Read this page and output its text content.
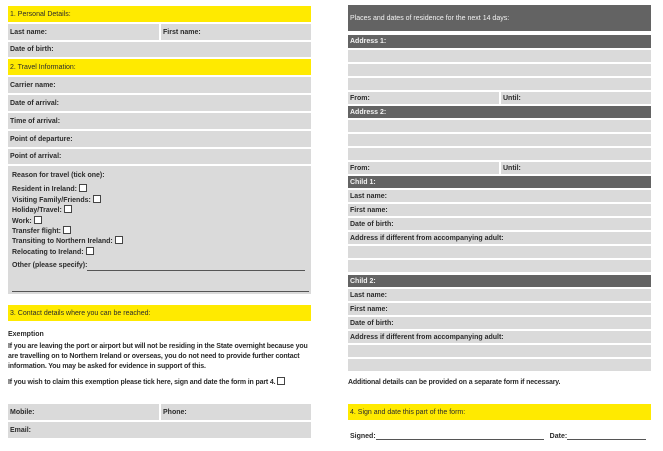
1. Personal Details:
Last name:	First name:
Date of birth:
2. Travel Information:
Carrier name:
Date of arrival:
Time of arrival:
Point of departure:
Point of arrival:
Reason for travel (tick one):
Resident in Ireland:
Visiting Family/Friends:
Holiday/Travel:
Work:
Transfer flight:
Transiting to Northern Ireland:
Relocating to Ireland:
Other (please specify):
3. Contact details where you can be reached:
Exemption
If you are leaving the port or airport but will not be residing in the State overnight because you are travelling on to Northern Ireland or overseas, you do not need to provide further contact information. You may be asked for evidence in support of this.
If you wish to claim this exemption please tick here, sign and date the form in part 4.
Mobile:	Phone:
Email:
Places and dates of residence for the next 14 days:
Address 1:
From:	Until:
Address 2:
From:	Until:
Child 1:
Last name:
First name:
Date of birth:
Address if different from accompanying adult:
Child 2:
Last name:
First name:
Date of birth:
Address if different from accompanying adult:
Additional details can be provided on a separate form if necessary.
4. Sign and date this part of the form:
Signed:	Date:
